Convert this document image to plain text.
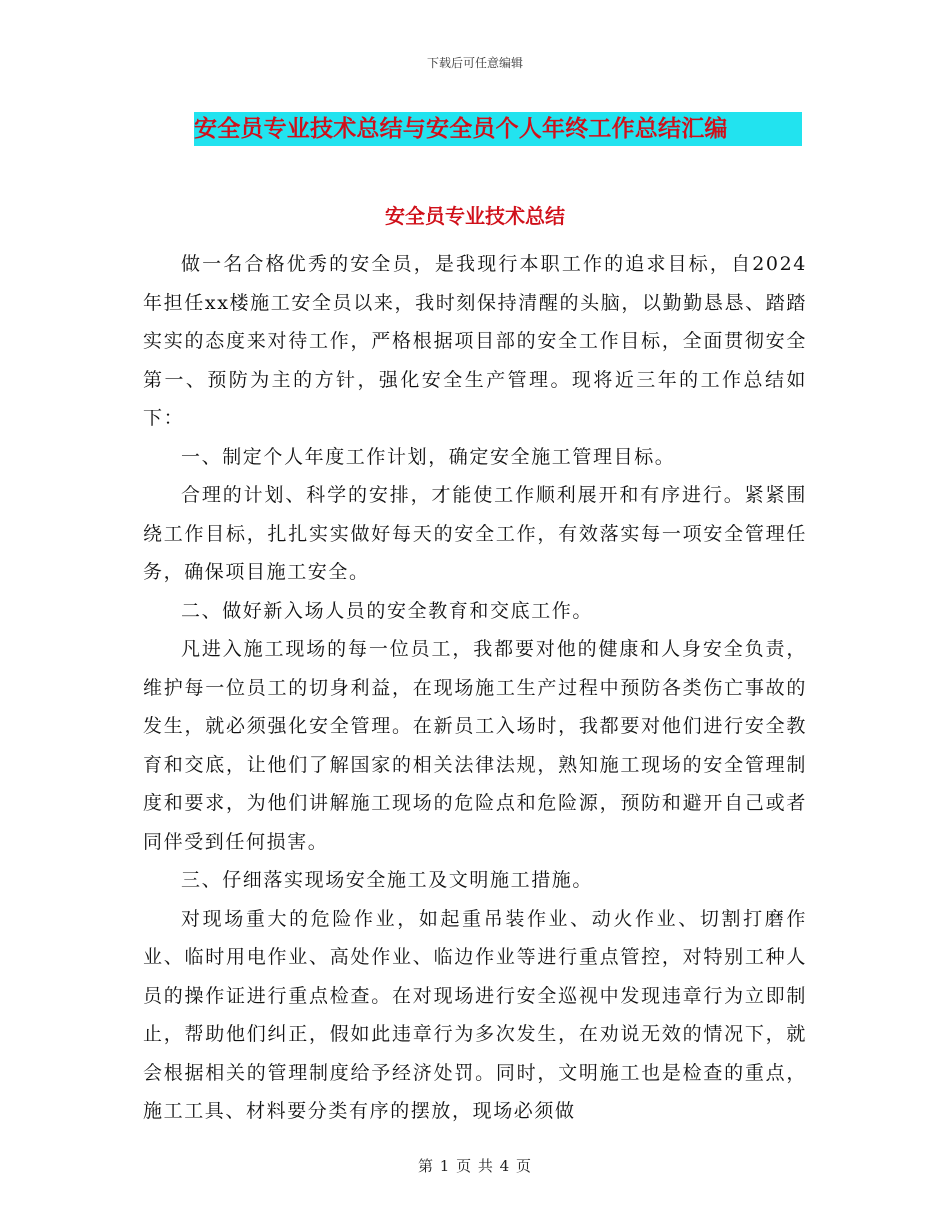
下载后可任意编辑
安全员专业技术总结与安全员个人年终工作总结汇编
安全员专业技术总结

做一名合格优秀的安全员，是我现行本职工作的追求目标，自2024年担任xx楼施工安全员以来，我时刻保持清醒的头脑，以勤勤恳恳、踏踏实实的态度来对待工作，严格根据项目部的安全工作目标，全面贯彻安全第一、预防为主的方针，强化安全生产管理。现将近三年的工作总结如下：

一、制定个人年度工作计划，确定安全施工管理目标。

合理的计划、科学的安排，才能使工作顺利展开和有序进行。紧紧围绕工作目标，扎扎实实做好每天的安全工作，有效落实每一项安全管理任务，确保项目施工安全。

二、做好新入场人员的安全教育和交底工作。

凡进入施工现场的每一位员工，我都要对他的健康和人身安全负责，维护每一位员工的切身利益，在现场施工生产过程中预防各类伤亡事故的发生，就必须强化安全管理。在新员工入场时，我都要对他们进行安全教育和交底，让他们了解国家的相关法律法规，熟知施工现场的安全管理制度和要求，为他们讲解施工现场的危险点和危险源，预防和避开自己或者同伴受到任何损害。

三、仔细落实现场安全施工及文明施工措施。

对现场重大的危险作业，如起重吊装作业、动火作业、切割打磨作业、临时用电作业、高处作业、临边作业等进行重点管控，对特别工种人员的操作证进行重点检查。在对现场进行安全巡视中发现违章行为立即制止，帮助他们纠正，假如此违章行为多次发生，在劝说无效的情况下，就会根据相关的管理制度给予经济处罚。同时，文明施工也是检查的重点，施工工具、材料要分类有序的摆放，现场必须做

第 1 页 共 4 页
